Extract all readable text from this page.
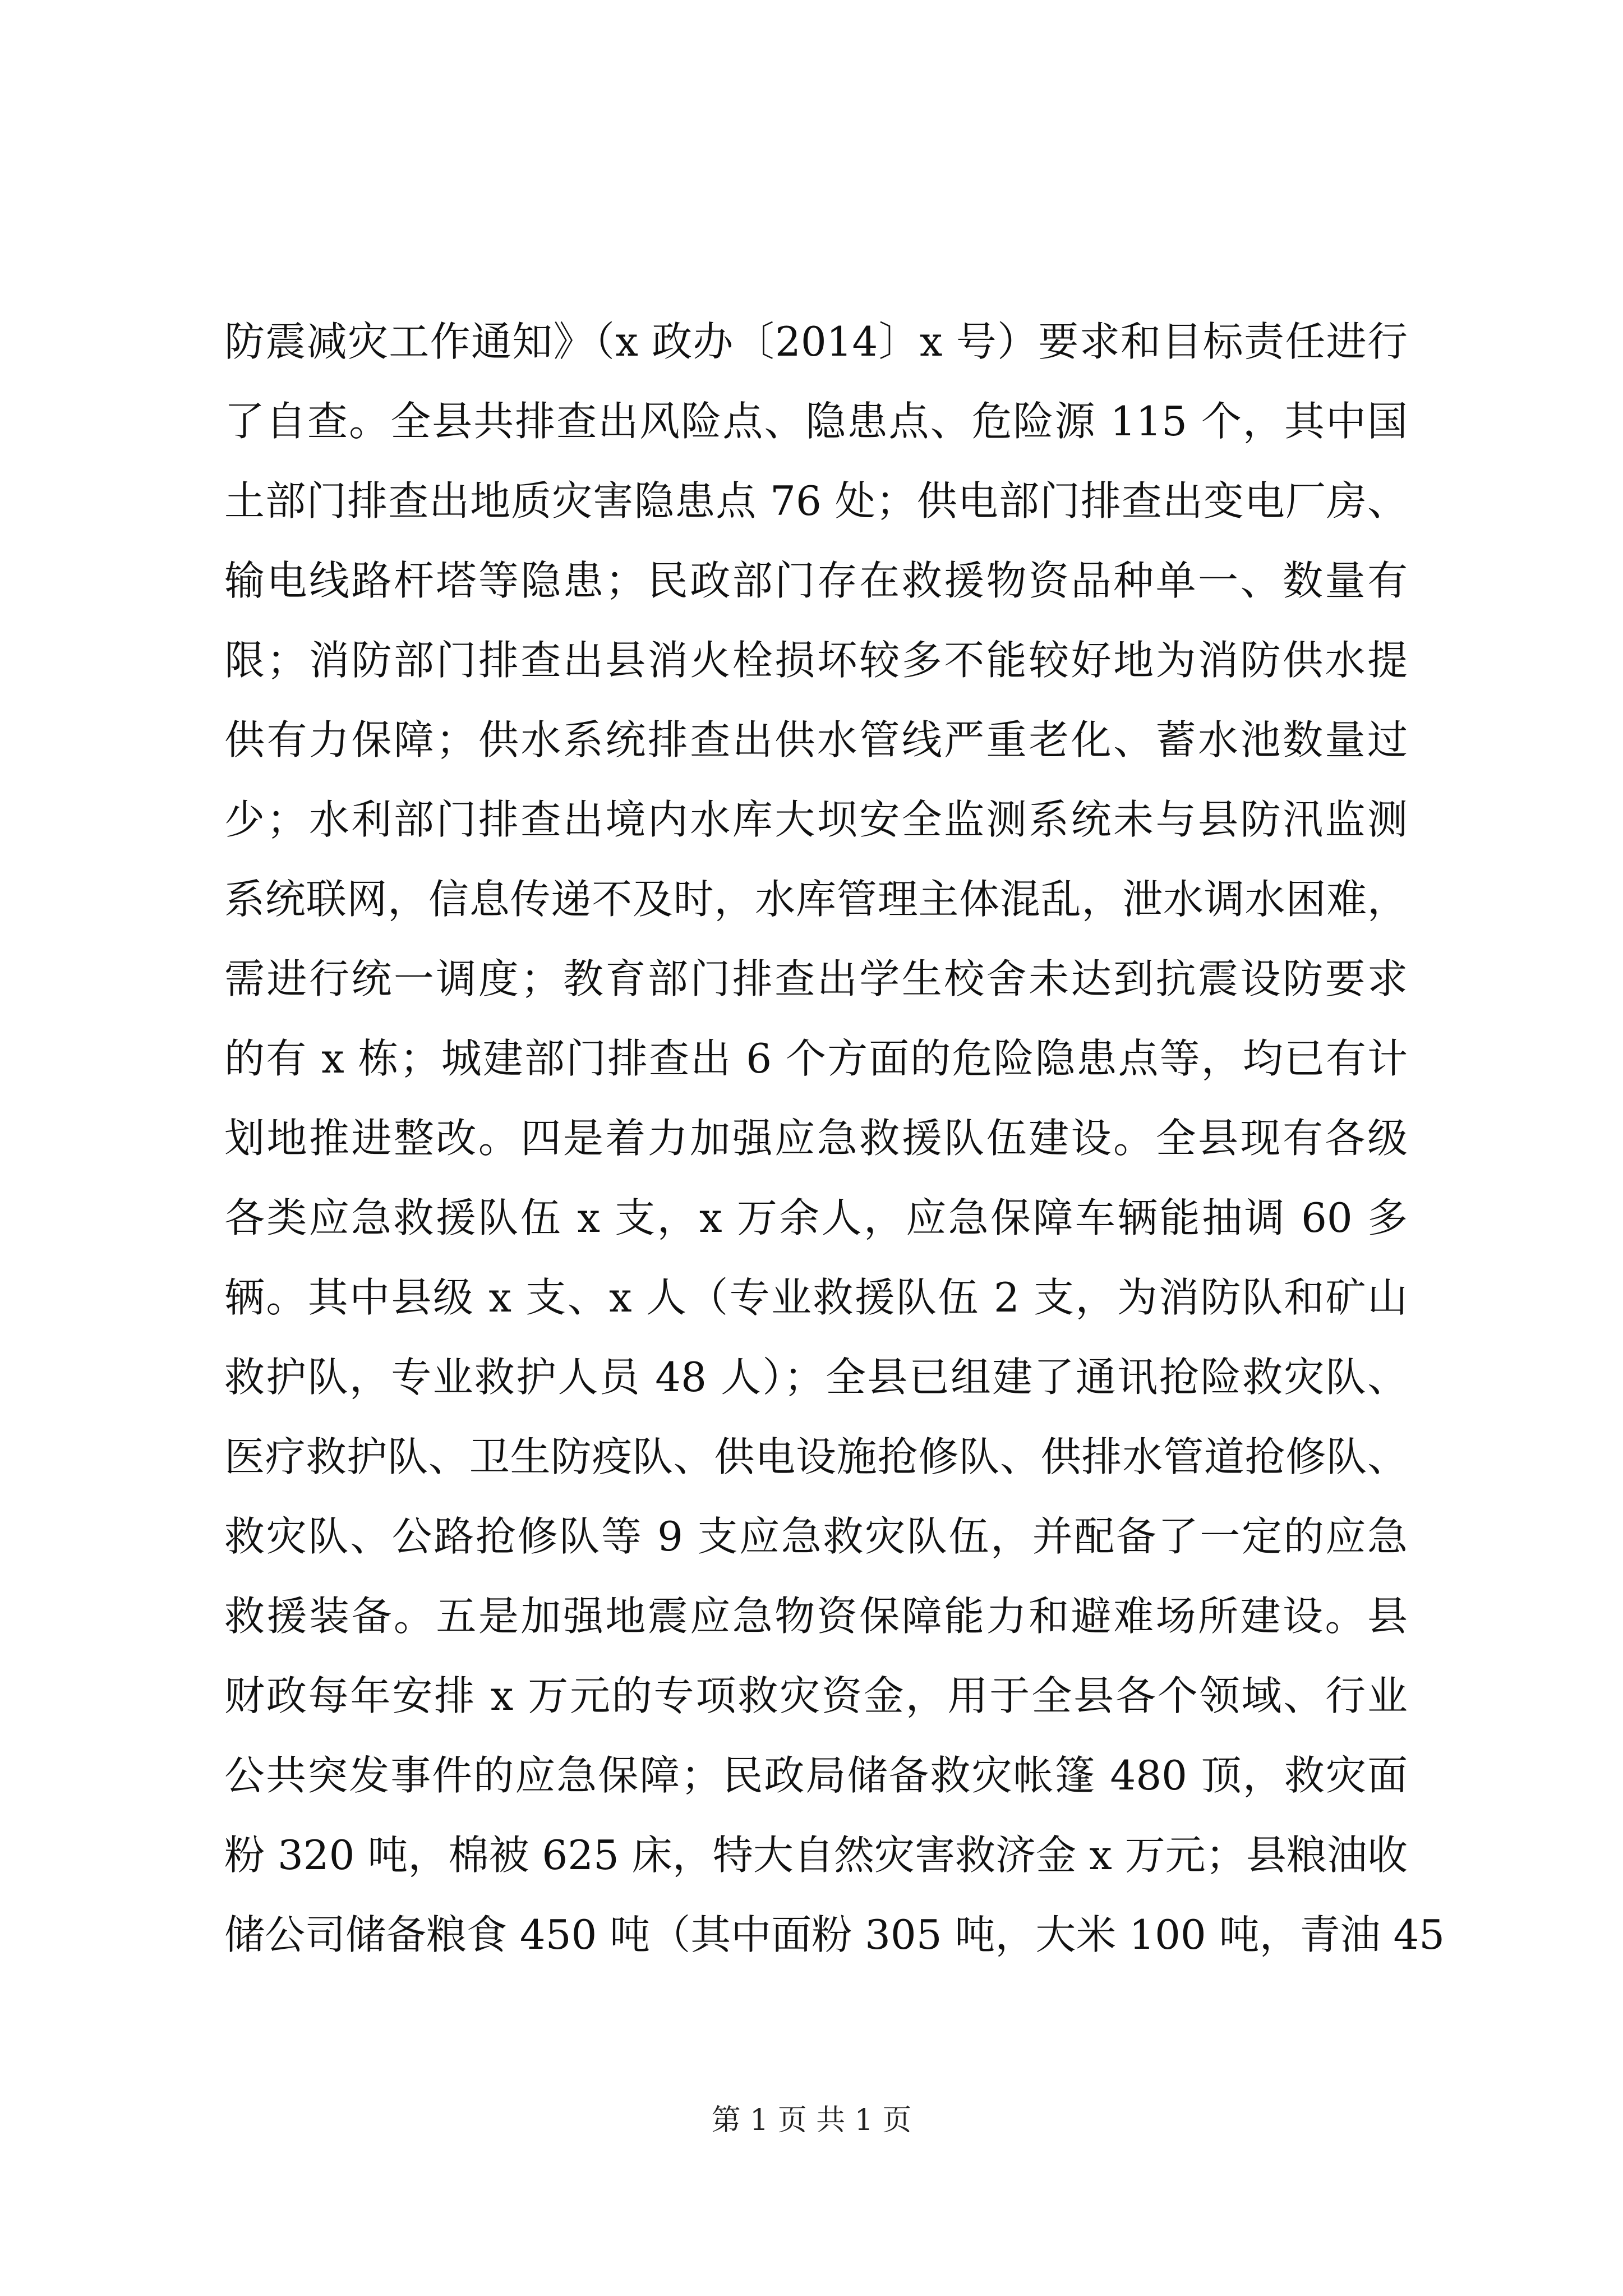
防震减灾工作通知》（x 政办〔2014〕x 号）要求和目标责任进行
了自查。全县共排查出风险点、隐患点、危险源 115 个，其中国
土部门排查出地质灾害隐患点 76 处；供电部门排查出变电厂房、
输电线路杆塔等隐患；民政部门存在救援物资品种单一、数量有
限；消防部门排查出县消火栓损坏较多不能较好地为消防供水提
供有力保障；供水系统排查出供水管线严重老化、蓄水池数量过
少；水利部门排查出境内水库大坝安全监测系统未与县防汛监测
系统联网，信息传递不及时，水库管理主体混乱，泄水调水困难，
需进行统一调度；教育部门排查出学生校舍未达到抗震设防要求
的有 x 栋；城建部门排查出 6 个方面的危险隐患点等，均已有计
划地推进整改。四是着力加强应急救援队伍建设。全县现有各级
各类应急救援队伍 x 支，x 万余人，应急保障车辆能抽调 60 多
辆。其中县级 x 支、x 人（专业救援队伍 2 支，为消防队和矿山
救护队，专业救护人员 48 人）；全县已组建了通讯抢险救灾队、
医疗救护队、卫生防疫队、供电设施抢修队、供排水管道抢修队、
救灾队、公路抢修队等 9 支应急救灾队伍，并配备了一定的应急
救援装备。五是加强地震应急物资保障能力和避难场所建设。县
财政每年安排 x 万元的专项救灾资金，用于全县各个领域、行业
公共突发事件的应急保障；民政局储备救灾帐篷 480 顶，救灾面
粉 320 吨，棉被 625 床，特大自然灾害救济金 x 万元；县粮油收
储公司储备粮食 450 吨（其中面粉 305 吨，大米 100 吨，青油 45
第 1 页 共 1 页
